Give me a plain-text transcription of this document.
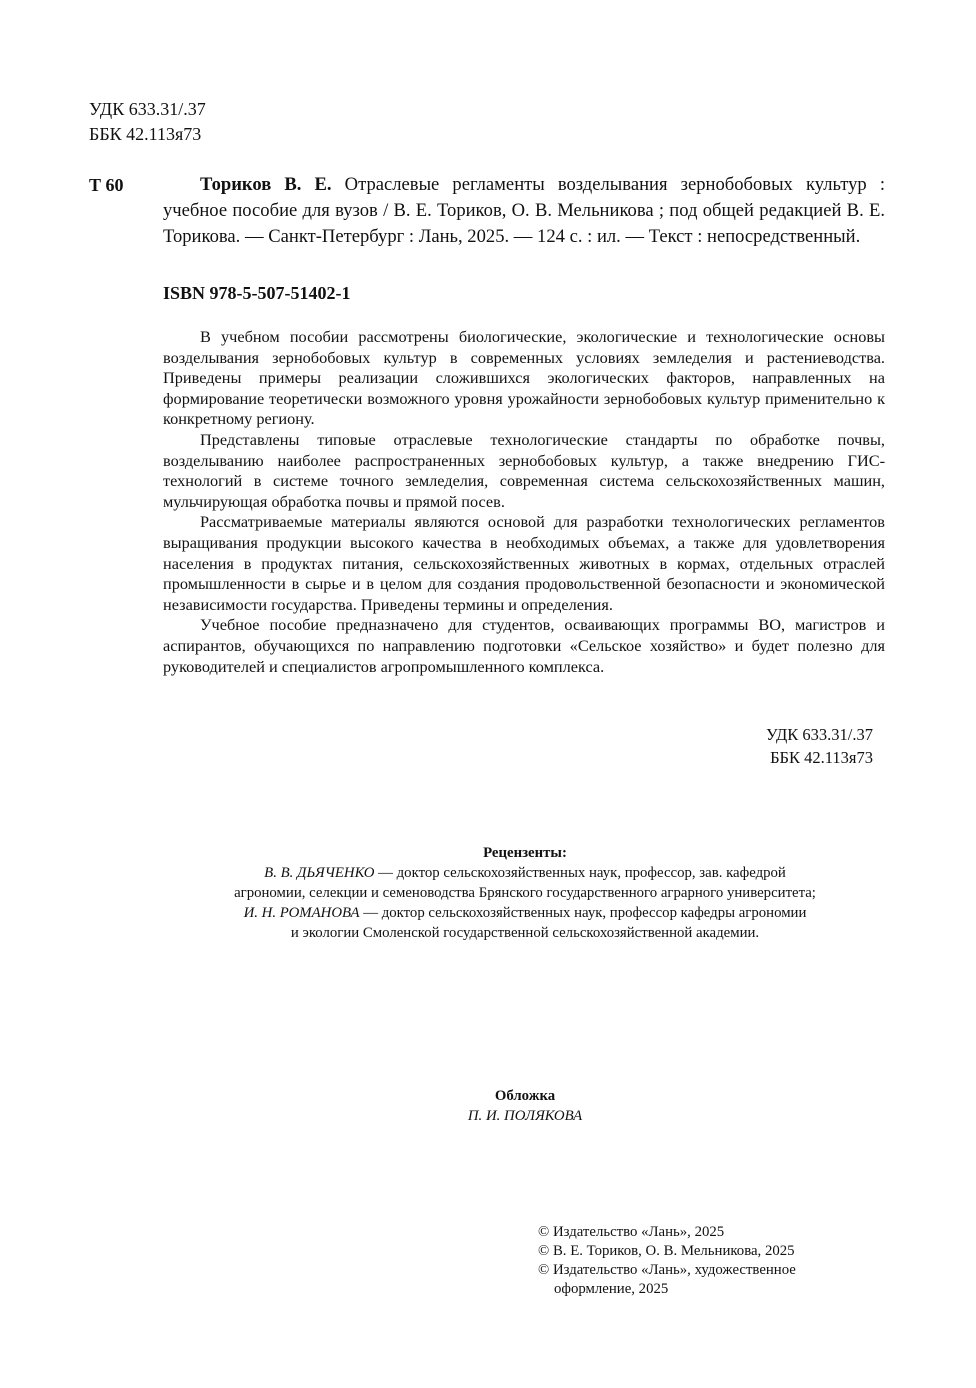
УДК 633.31/.37
ББК 42.113я73
Т 60	Ториков В. Е. Отраслевые регламенты возделывания зернобобовых культур : учебное пособие для вузов / В. Е. Ториков, О. В. Мельникова ; под общей редакцией В. Е. Торикова. — Санкт-Петербург : Лань, 2025. — 124 с. : ил. — Текст : непосредственный.
ISBN 978-5-507-51402-1

В учебном пособии рассмотрены биологические, экологические и технологические основы возделывания зернобобовых культур в современных условиях земледелия и растениеводства. Приведены примеры реализации сложившихся экологических факторов, направленных на формирование теоретически возможного уровня урожайности зернобобовых культур применительно к конкретному региону.

Представлены типовые отраслевые технологические стандарты по обработке почвы, возделыванию наиболее распространенных зернобобовых культур, а также внедрению ГИС-технологий в системе точного земледелия, современная система сельскохозяйственных машин, мульчирующая обработка почвы и прямой посев.

Рассматриваемые материалы являются основой для разработки технологических регламентов выращивания продукции высокого качества в необходимых объемах, а также для удовлетворения населения в продуктах питания, сельскохозяйственных животных в кормах, отдельных отраслей промышленности в сырье и в целом для создания продовольственной безопасности и экономической независимости государства. Приведены термины и определения.

Учебное пособие предназначено для студентов, осваивающих программы ВО, магистров и аспирантов, обучающихся по направлению подготовки «Сельское хозяйство» и будет полезно для руководителей и специалистов агропромышленного комплекса.

УДК 633.31/.37
ББК 42.113я73
Рецензенты:
В. В. ДЬЯЧЕНКО — доктор сельскохозяйственных наук, профессор, зав. кафедрой
агрономии, селекции и семеноводства Брянского государственного аграрного университета;
И. Н. РОМАНОВА — доктор сельскохозяйственных наук, профессор кафедры агрономии
и экологии Смоленской государственной сельскохозяйственной академии.
Обложка
П. И. ПОЛЯКОВА
© Издательство «Лань», 2025
© В. Е. Ториков, О. В. Мельникова, 2025
© Издательство «Лань», художественное
оформление, 2025
